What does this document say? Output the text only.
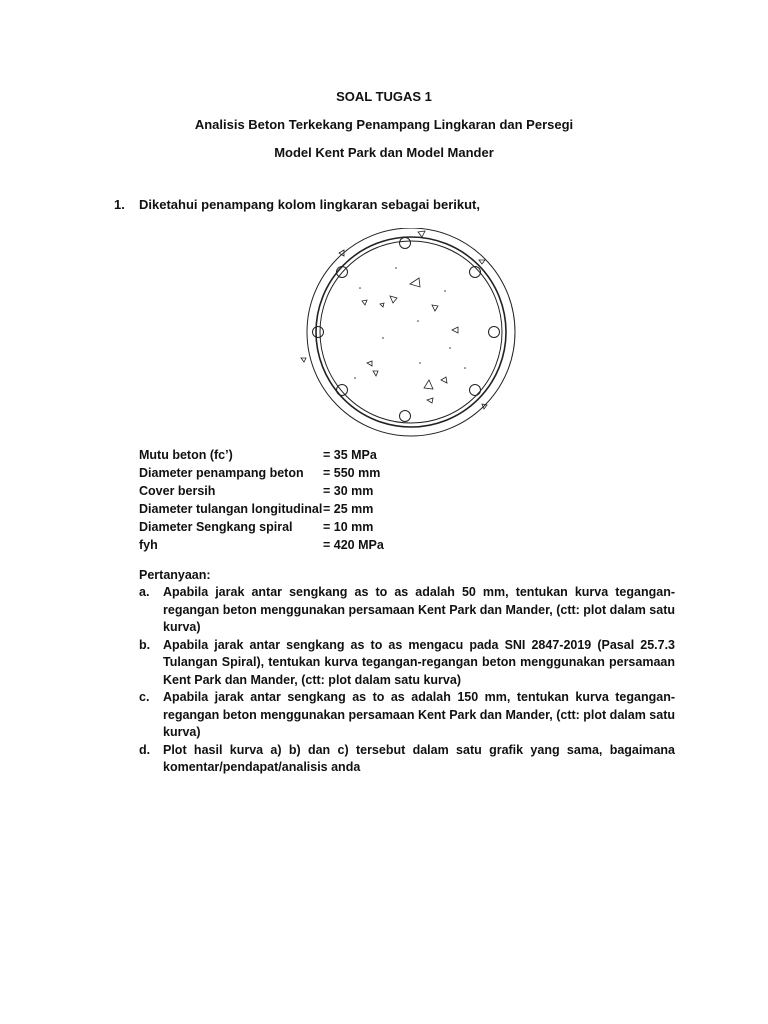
SOAL TUGAS 1
Analisis Beton Terkekang Penampang Lingkaran dan Persegi
Model Kent Park dan Model Mander
1. Diketahui penampang kolom lingkaran sebagai berikut,
Mutu beton (fc’)	= 35 MPa
Diameter penampang beton = 550 mm
Cover bersih	= 30 mm
Diameter tulangan longitudinal = 25 mm
Diameter Sengkang spiral = 10 mm
fyh	= 420 MPa
Pertanyaan:
a. Apabila jarak antar sengkang as to as adalah 50 mm, tentukan kurva tegangan-regangan beton menggunakan persamaan Kent Park dan Mander, (ctt: plot dalam satu kurva)
b. Apabila jarak antar sengkang as to as mengacu pada SNI 2847-2019 (Pasal 25.7.3 Tulangan Spiral), tentukan kurva tegangan-regangan beton menggunakan persamaan Kent Park dan Mander, (ctt: plot dalam satu kurva)
c. Apabila jarak antar sengkang as to as adalah 150 mm, tentukan kurva tegangan-regangan beton menggunakan persamaan Kent Park dan Mander, (ctt: plot dalam satu kurva)
d. Plot hasil kurva a) b) dan c) tersebut dalam satu grafik yang sama, bagaimana komentar/pendapat/analisis anda
